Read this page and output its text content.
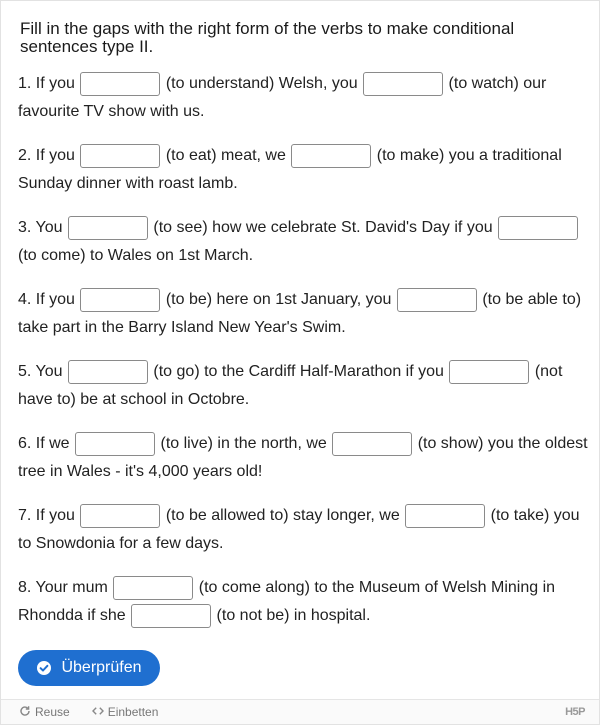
Fill in the gaps with the right form of the verbs to make conditional sentences type II.

1. If you	(to understand) Welsh, you	(to watch) our favourite TV show with us.

2. If you	(to eat) meat, we	(to make) you a traditional Sunday dinner with roast lamb.

3. You	(to see) how we celebrate St. David's Day if you  (to come) to Wales on 1st March.

4. If you	(to be) here on 1st January, you	(to be able to) take part in the Barry Island New Year's Swim.

5. You	(to go) to the Cardiff Half-Marathon if you	(not have to) be at school in Octobre.

6. If we	(to live) in the north, we	(to show) you the oldest tree in Wales - it's 4,000 years old!

7. If you	(to be allowed to) stay longer, we	(to take) you to Snowdonia for a few days.

8. Your mum	(to come along) to the Museum of Welsh Mining in Rhondda if she	(to not be) in hospital.

Überprüfen
Reuse	Einbetten	H5P
